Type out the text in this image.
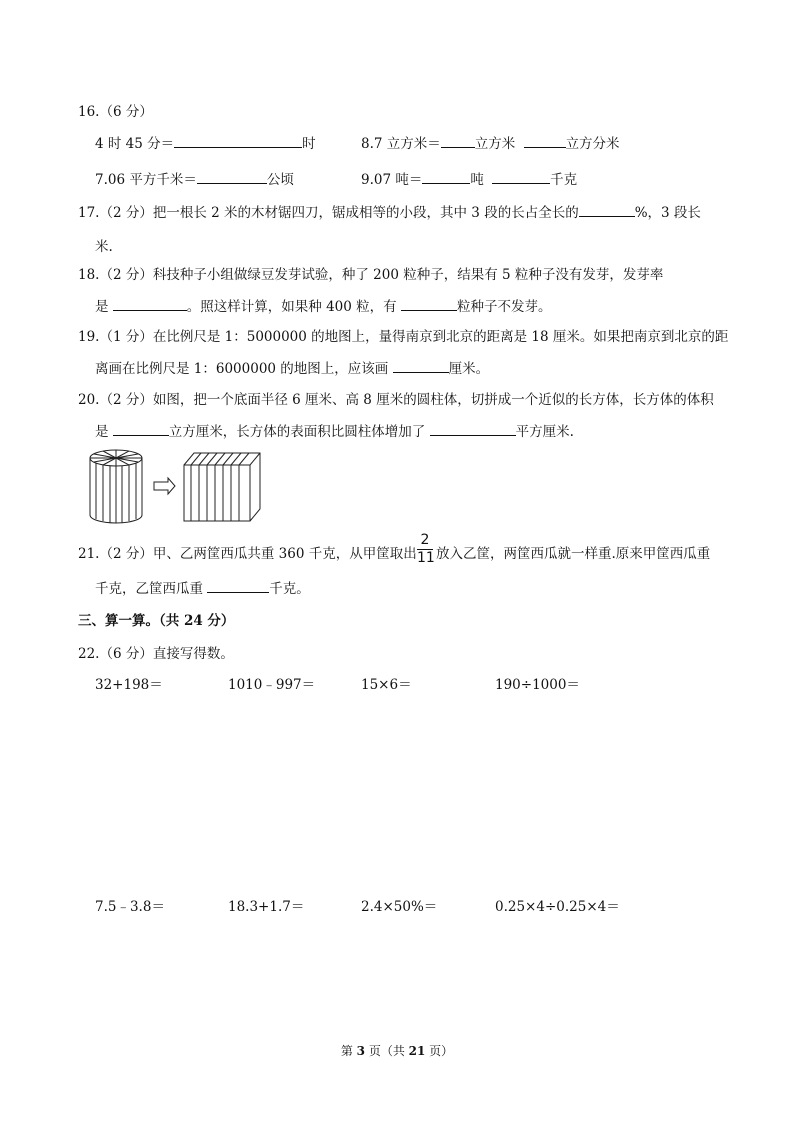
16.（6 分）
4 时 45 分＝	时	8.7 立方米＝	立方米	立方分米
7.06 平方千米＝	公顷	9.07 吨＝	吨	千克
17.（2 分）把一根长 2 米的木材锯四刀，锯成相等的小段，其中 3 段的长占全长的	%，3 段长
米.
18.（2 分）科技种子小组做绿豆发芽试验，种了 200 粒种子，结果有 5 粒种子没有发芽，发芽率
是	。照这样计算，如果种 400 粒，有	粒种子不发芽。
19.（1 分）在比例尺是 1：5000000 的地图上，量得南京到北京的距离是 18 厘米。如果把南京到北京的距
离画在比例尺是 1：6000000 的地图上，应该画	厘米。
20.（2 分）如图，把一个底面半径 6 厘米、高 8 厘米的圆柱体，切拼成一个近似的长方体，长方体的体积
是	立方厘米，长方体的表面积比圆柱体增加了	平方厘米.
21.（2 分）甲、乙两筐西瓜共重 360 千克，从甲筐取出
2
11 放入乙筐，两筐西瓜就一样重.原来甲筐西瓜重
千克，乙筐西瓜重	千克。
三、算一算。（共 24 分）
22.（6 分）直接写得数。
32+198＝	1010﹣997＝	15×6＝	190÷1000＝
7.5﹣3.8＝	18.3+1.7＝	2.4×50%＝	0.25×4÷0.25×4＝
第 3 页（共 21 页）
